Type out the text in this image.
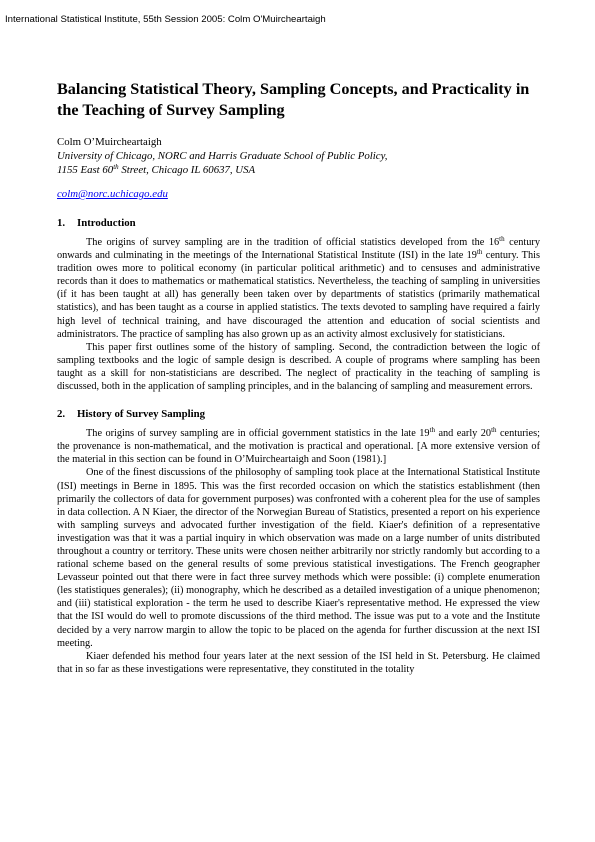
International Statistical Institute, 55th Session 2005: Colm O'Muircheartaigh
Balancing Statistical Theory, Sampling Concepts, and Practicality in the Teaching of Survey Sampling
Colm O’Muircheartaigh
University of Chicago, NORC and Harris Graduate School of Public Policy,
1155 East 60th Street, Chicago IL 60637, USA
colm@norc.uchicago.edu
1. Introduction

The origins of survey sampling are in the tradition of official statistics developed from the 16th century onwards and culminating in the meetings of the International Statistical Institute (ISI) in the late 19th century. This tradition owes more to political economy (in particular political arithmetic) and to censuses and administrative records than it does to mathematics or mathematical statistics. Nevertheless, the teaching of sampling in universities (if it has been taught at all) has generally been taken over by departments of statistics (primarily mathematical statistics), and has been taught as a course in applied statistics. The texts devoted to sampling have required a fairly high level of technical training, and have discouraged the attention and education of social scientists and administrators. The practice of sampling has also grown up as an activity almost exclusively for statisticians.

This paper first outlines some of the history of sampling. Second, the contradiction between the logic of sampling textbooks and the logic of sample design is described. A couple of programs where sampling has been taught as a skill for non-statisticians are described. The neglect of practicality in the teaching of sampling is discussed, both in the application of sampling principles, and in the balancing of sampling and measurement errors.

2. History of Survey Sampling

The origins of survey sampling are in official government statistics in the late 19th and early 20th centuries; the provenance is non-mathematical, and the motivation is practical and operational. [A more extensive version of the material in this section can be found in O’Muircheartaigh and Soon (1981).]

One of the finest discussions of the philosophy of sampling took place at the International Statistical Institute (ISI) meetings in Berne in 1895. This was the first recorded occasion on which the statistics establishment (then primarily the collectors of data for government purposes) was confronted with a coherent plea for the use of samples in data collection. A N Kiaer, the director of the Norwegian Bureau of Statistics, presented a report on his experience with sampling surveys and advocated further investigation of the field. Kiaer's definition of a representative investigation was that it was a partial inquiry in which observation was made on a large number of units distributed throughout a country or territory. These units were chosen neither arbitrarily nor strictly randomly but according to a rational scheme based on the general results of some previous statistical investigations. The French geographer Levasseur pointed out that there were in fact three survey methods which were possible: (i) complete enumeration (les statistiques generales); (ii) monography, which he described as a detailed investigation of a unique phenomenon; and (iii) statistical exploration - the term he used to describe Kiaer's representative method. He expressed the view that the ISI would do well to promote discussions of the third method. The issue was put to a vote and the Institute decided by a very narrow margin to allow the topic to be placed on the agenda for further discussion at the next ISI meeting.

Kiaer defended his method four years later at the next session of the ISI held in St. Petersburg. He claimed that in so far as these investigations were representative, they constituted in the totality
